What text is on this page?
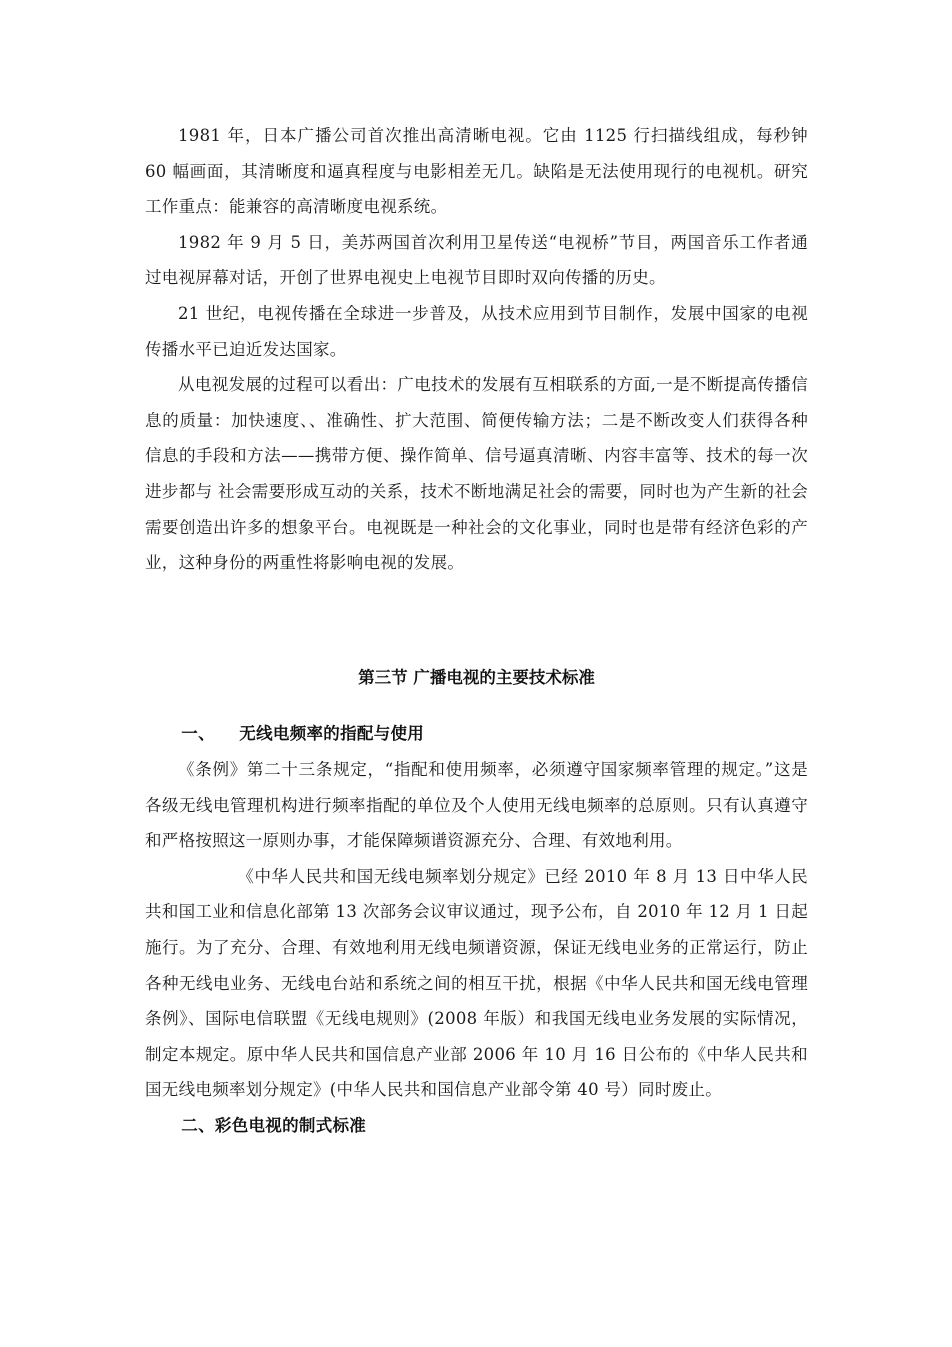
1981 年，日本广播公司首次推出高清晰电视。它由 1125 行扫描线组成，每秒钟 60 幅画面，其清晰度和逼真程度与电影相差无几。缺陷是无法使用现行的电视机。研究工作重点：能兼容的高清晰度电视系统。

1982 年 9 月 5 日，美苏两国首次利用卫星传送“电视桥”节目，两国音乐工作者通过电视屏幕对话，开创了世界电视史上电视节目即时双向传播的历史。

21 世纪，电视传播在全球进一步普及，从技术应用到节目制作，发展中国家的电视传播水平已迫近发达国家。

从电视发展的过程可以看出：广电技术的发展有互相联系的方面,一是不断提高传播信息的质量：加快速度、、准确性、扩大范围、简便传输方法；二是不断改变人们获得各种信息的手段和方法——携带方便、操作简单、信号逼真清晰、内容丰富等、技术的每一次进步都与 社会需要形成互动的关系，技术不断地满足社会的需要，同时也为产生新的社会需要创造出许多的想象平台。电视既是一种社会的文化事业，同时也是带有经济色彩的产业，这种身份的两重性将影响电视的发展。

第三节 广播电视的主要技术标准
一、 无线电频率的指配与使用

《条例》第二十三条规定，“指配和使用频率，必须遵守国家频率管理的规定。”这是各级无线电管理机构进行频率指配的单位及个人使用无线电频率的总原则。只有认真遵守和严格按照这一原则办事，才能保障频谱资源充分、合理、有效地利用。

《中华人民共和国无线电频率划分规定》已经 2010 年 8 月 13 日中华人民共和国工业和信息化部第 13 次部务会议审议通过，现予公布，自 2010 年 12 月 1 日起施行。为了充分、合理、有效地利用无线电频谱资源，保证无线电业务的正常运行，防止各种无线电业务、无线电台站和系统之间的相互干扰，根据《中华人民共和国无线电管理条例》、国际电信联盟《无线电规则》(2008 年版）和我国无线电业务发展的实际情况，制定本规定。原中华人民共和国信息产业部 2006 年 10 月 16 日公布的《中华人民共和国无线电频率划分规定》(中华人民共和国信息产业部令第 40 号）同时废止。

二、彩色电视的制式标准
